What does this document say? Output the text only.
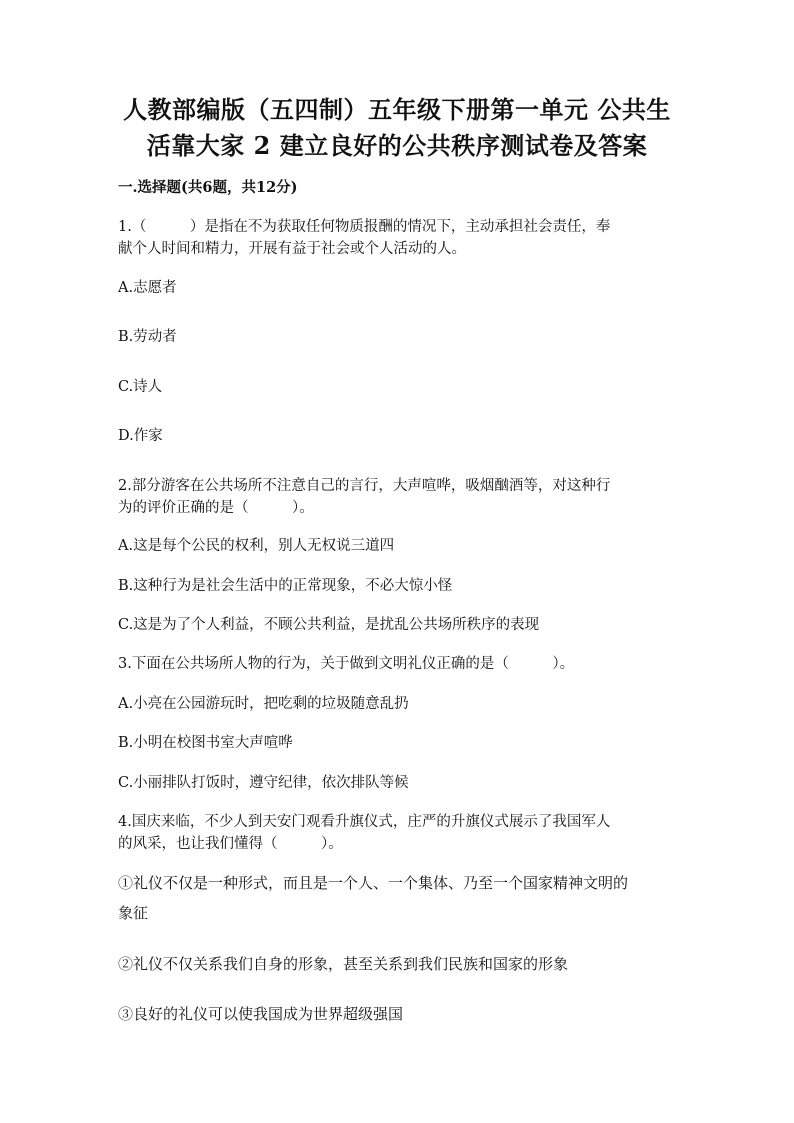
人教部编版（五四制）五年级下册第一单元 公共生
活靠大家 2 建立良好的公共秩序测试卷及答案
一.选择题(共6题，共12分)
1.（　　　）是指在不为获取任何物质报酬的情况下，主动承担社会责任，奉
献个人时间和精力，开展有益于社会或个人活动的人。
A.志愿者
B.劳动者
C.诗人
D.作家
2.部分游客在公共场所不注意自己的言行，大声喧哗，吸烟酗酒等，对这种行
为的评价正确的是（　　　）。
A.这是每个公民的权利，别人无权说三道四
B.这种行为是社会生活中的正常现象，不必大惊小怪
C.这是为了个人利益，不顾公共利益，是扰乱公共场所秩序的表现
3.下面在公共场所人物的行为，关于做到文明礼仪正确的是（　　　）。
A.小亮在公园游玩时，把吃剩的垃圾随意乱扔
B.小明在校图书室大声喧哗
C.小丽排队打饭时，遵守纪律，依次排队等候
4.国庆来临，不少人到天安门观看升旗仪式，庄严的升旗仪式展示了我国军人
的风采，也让我们懂得（　　　）。
①礼仪不仅是一种形式，而且是一个人、一个集体、乃至一个国家精神文明的
象征
②礼仪不仅关系我们自身的形象，甚至关系到我们民族和国家的形象
③良好的礼仪可以使我国成为世界超级强国
